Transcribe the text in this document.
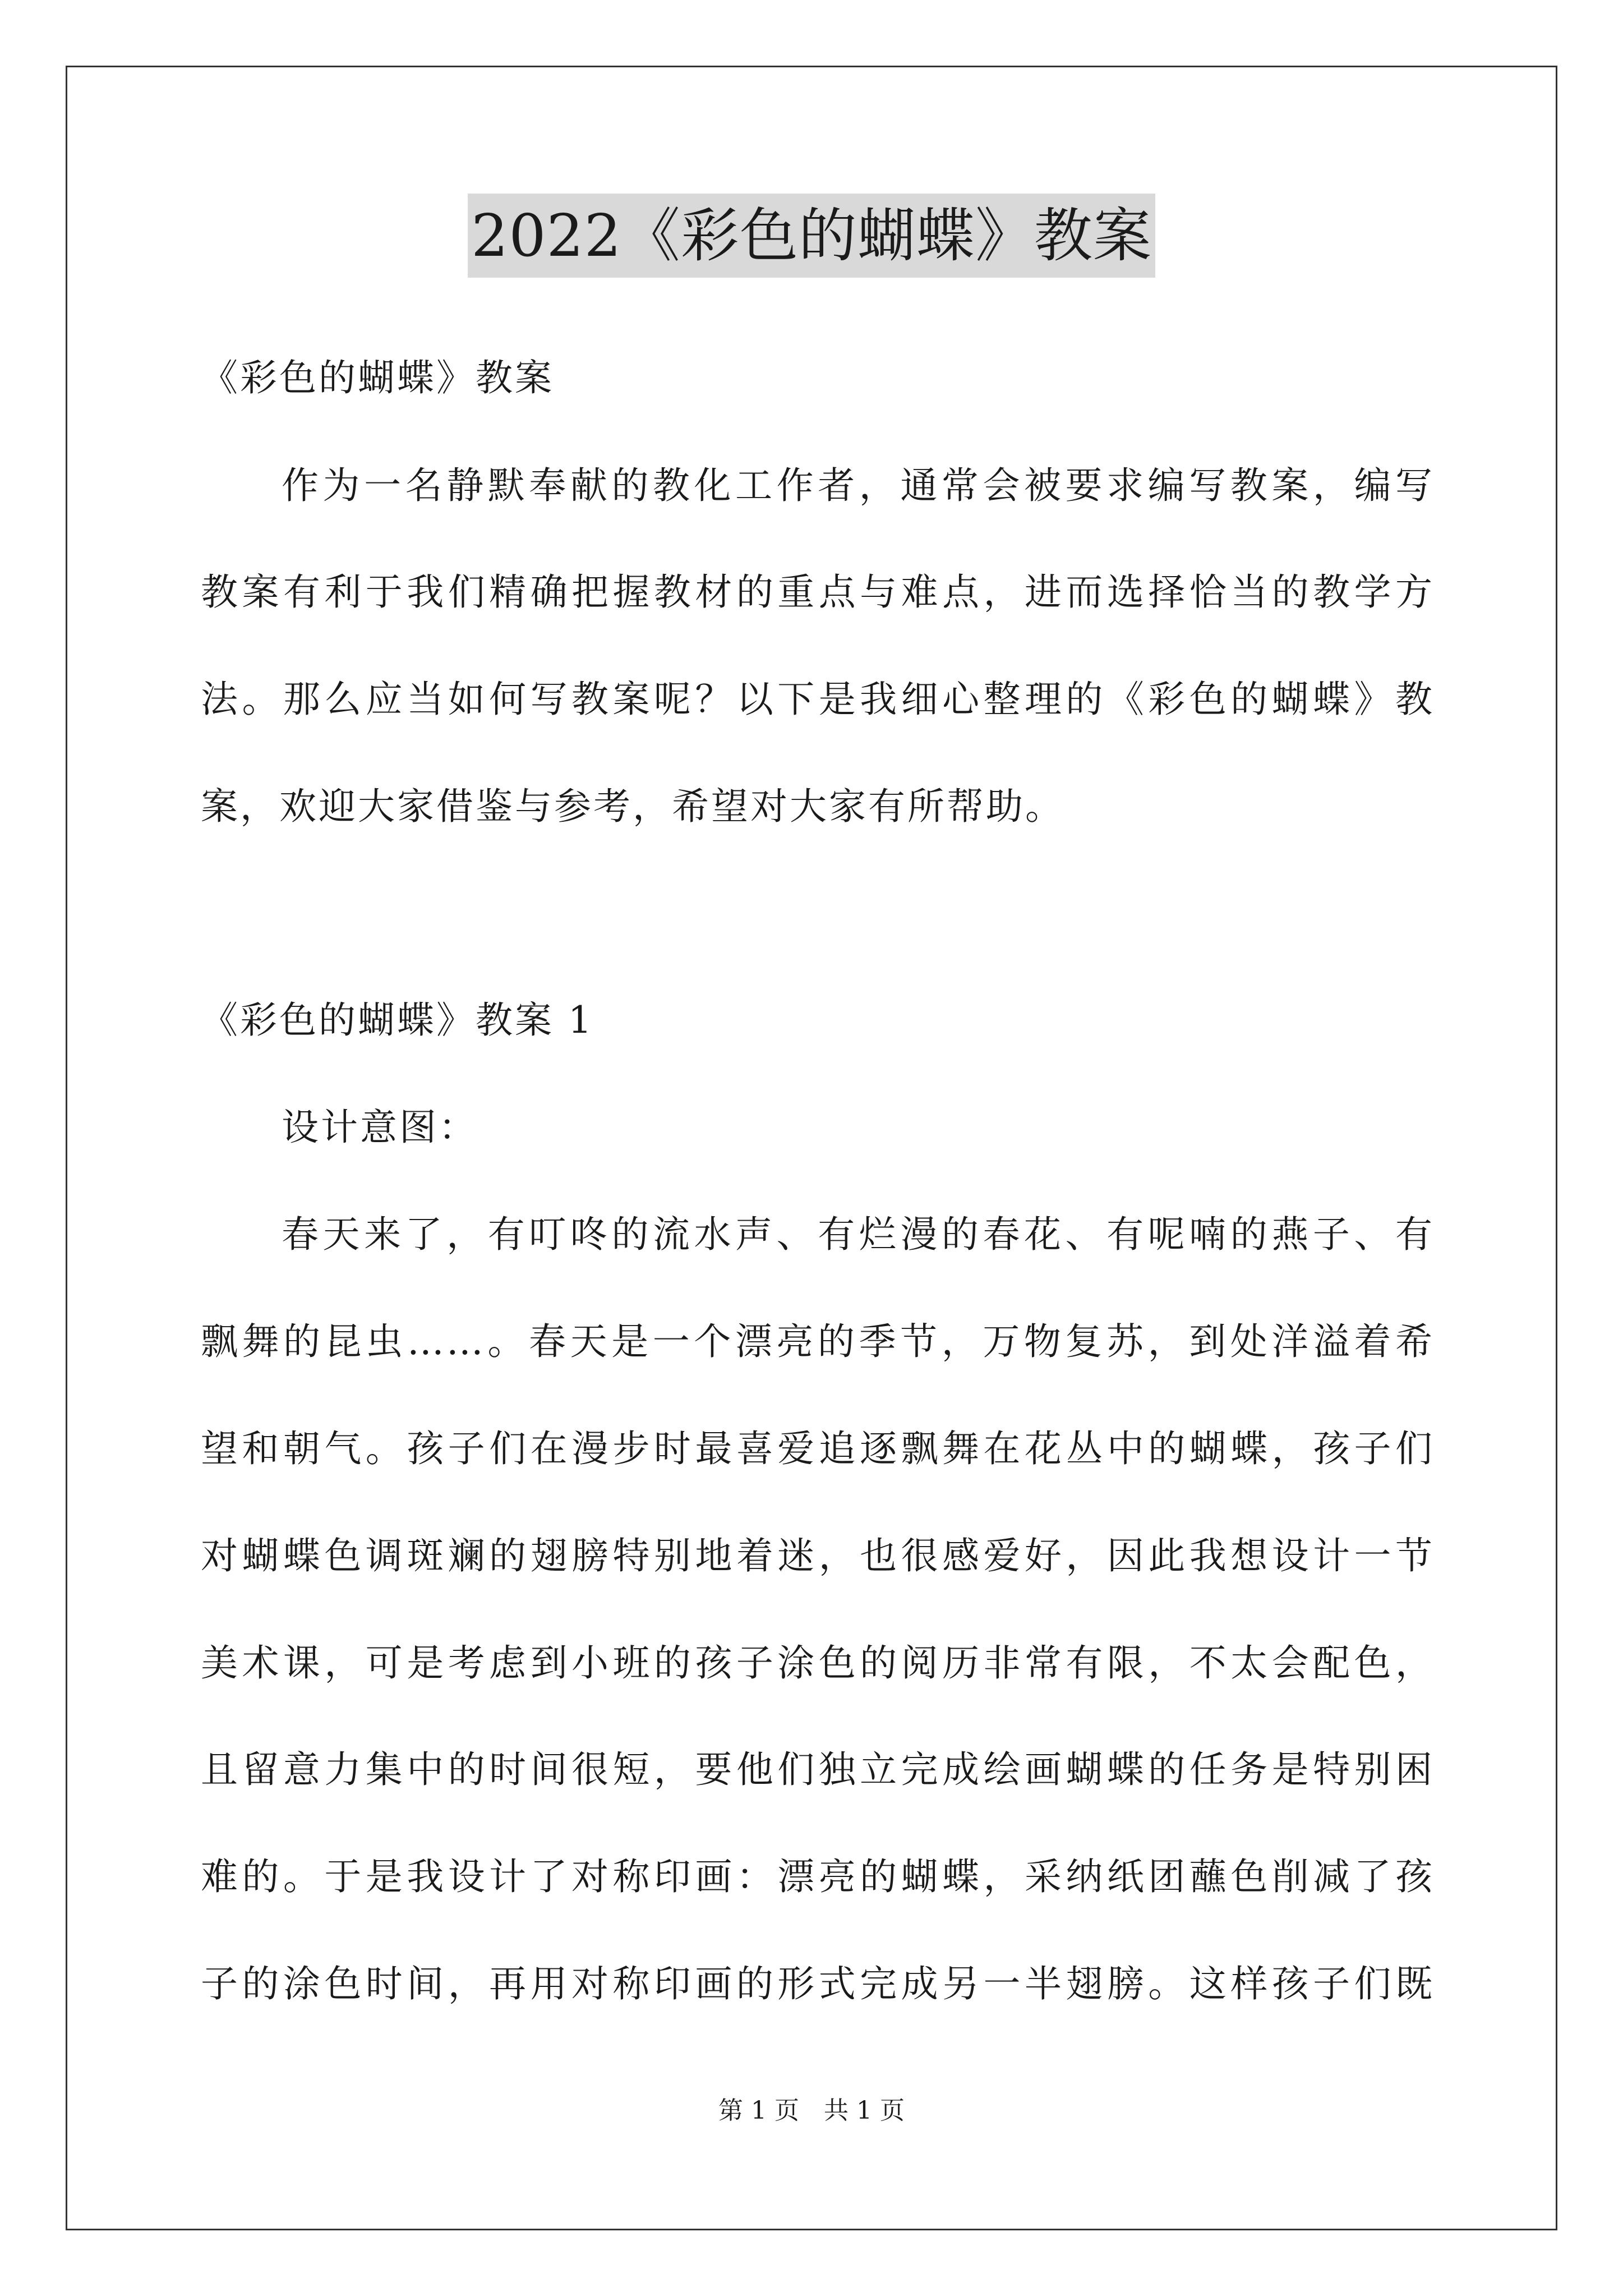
2022《彩色的蝴蝶》教案
《彩色的蝴蝶》教案
作为一名静默奉献的教化工作者，通常会被要求编写教案，编写
教案有利于我们精确把握教材的重点与难点，进而选择恰当的教学方
法。那么应当如何写教案呢？以下是我细心整理的《彩色的蝴蝶》教
案，欢迎大家借鉴与参考，希望对大家有所帮助。
《彩色的蝴蝶》教案 1
设计意图：
春天来了，有叮咚的流水声、有烂漫的春花、有呢喃的燕子、有
飘舞的昆虫……。春天是一个漂亮的季节，万物复苏，到处洋溢着希
望和朝气。孩子们在漫步时最喜爱追逐飘舞在花丛中的蝴蝶，孩子们
对蝴蝶色调斑斓的翅膀特别地着迷，也很感爱好，因此我想设计一节
美术课，可是考虑到小班的孩子涂色的阅历非常有限，不太会配色，
且留意力集中的时间很短，要他们独立完成绘画蝴蝶的任务是特别困
难的。于是我设计了对称印画：漂亮的蝴蝶，采纳纸团蘸色削减了孩
子的涂色时间，再用对称印画的形式完成另一半翅膀。这样孩子们既
第 1 页　共 1 页
